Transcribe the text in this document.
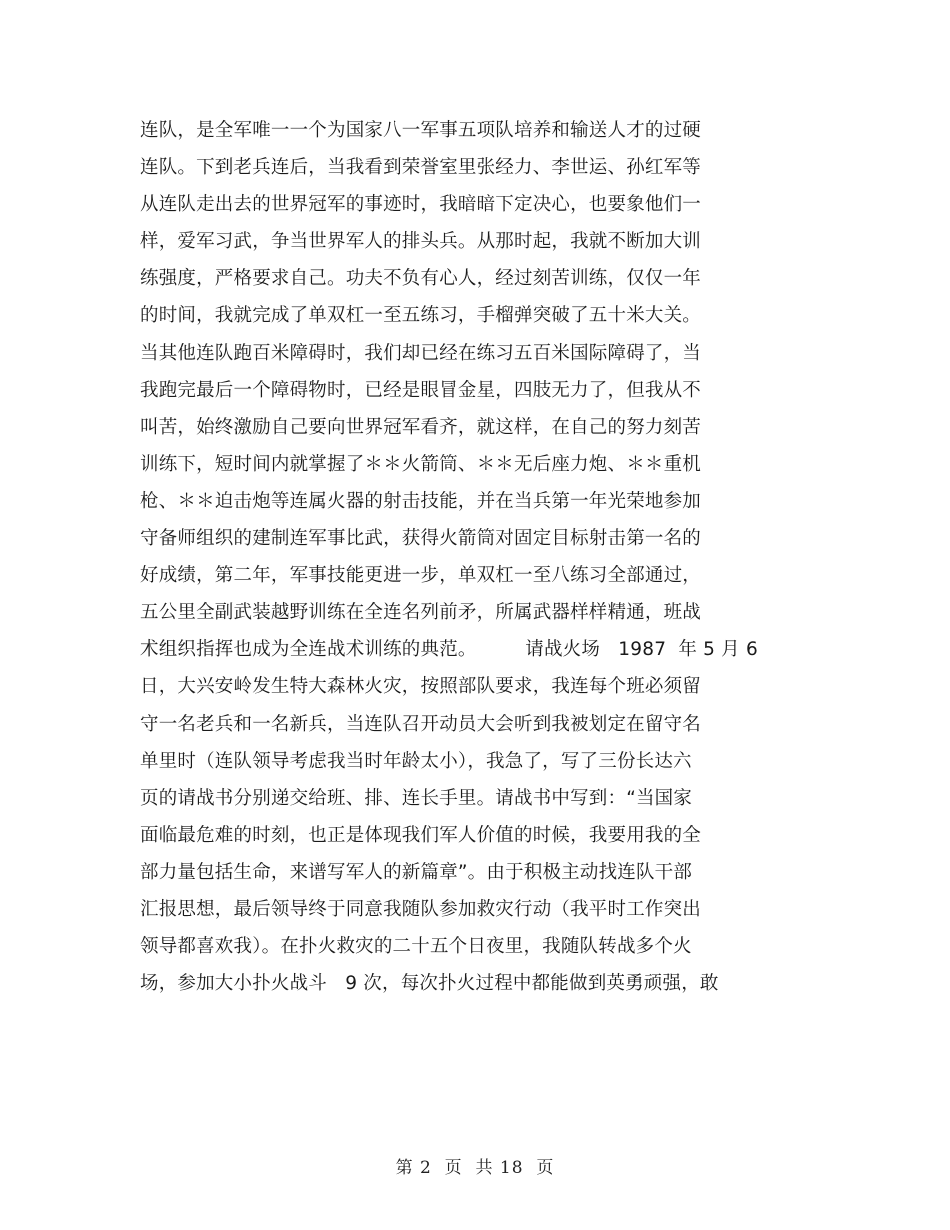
连队，是全军唯一一个为国家八一军事五项队培养和输送人才的过硬
连队。下到老兵连后，当我看到荣誉室里张经力、李世运、孙红军等
从连队走出去的世界冠军的事迹时，我暗暗下定决心，也要象他们一
样，爱军习武，争当世界军人的排头兵。从那时起，我就不断加大训
练强度，严格要求自己。功夫不负有心人，经过刻苦训练，仅仅一年
的时间，我就完成了单双杠一至五练习，手榴弹突破了五十米大关。
当其他连队跑百米障碍时，我们却已经在练习五百米国际障碍了，当
我跑完最后一个障碍物时，已经是眼冒金星，四肢无力了，但我从不
叫苦，始终激励自己要向世界冠军看齐，就这样，在自己的努力刻苦
训练下，短时间内就掌握了＊＊火箭筒、＊＊无后座力炮、＊＊重机
枪、＊＊迫击炮等连属火器的射击技能，并在当兵第一年光荣地参加
守备师组织的建制连军事比武，获得火箭筒对固定目标射击第一名的
好成绩，第二年，军事技能更进一步，单双杠一至八练习全部通过，
五公里全副武装越野训练在全连名列前矛，所属武器样样精通，班战
术组织指挥也成为全连战术训练的典范。        请战火场   1987  年 5 月 6
日，大兴安岭发生特大森林火灾，按照部队要求，我连每个班必须留
守一名老兵和一名新兵，当连队召开动员大会听到我被划定在留守名
单里时（连队领导考虑我当时年龄太小），我急了，写了三份长达六
页的请战书分别递交给班、排、连长手里。请战书中写到：“当国家
面临最危难的时刻，也正是体现我们军人价值的时候，我要用我的全
部力量包括生命，来谱写军人的新篇章”。由于积极主动找连队干部
汇报思想，最后领导终于同意我随队参加救灾行动（我平时工作突出
领导都喜欢我）。在扑火救灾的二十五个日夜里，我随队转战多个火
场，参加大小扑火战斗   9 次，每次扑火过程中都能做到英勇顽强，敢
第 2  页  共 18  页
